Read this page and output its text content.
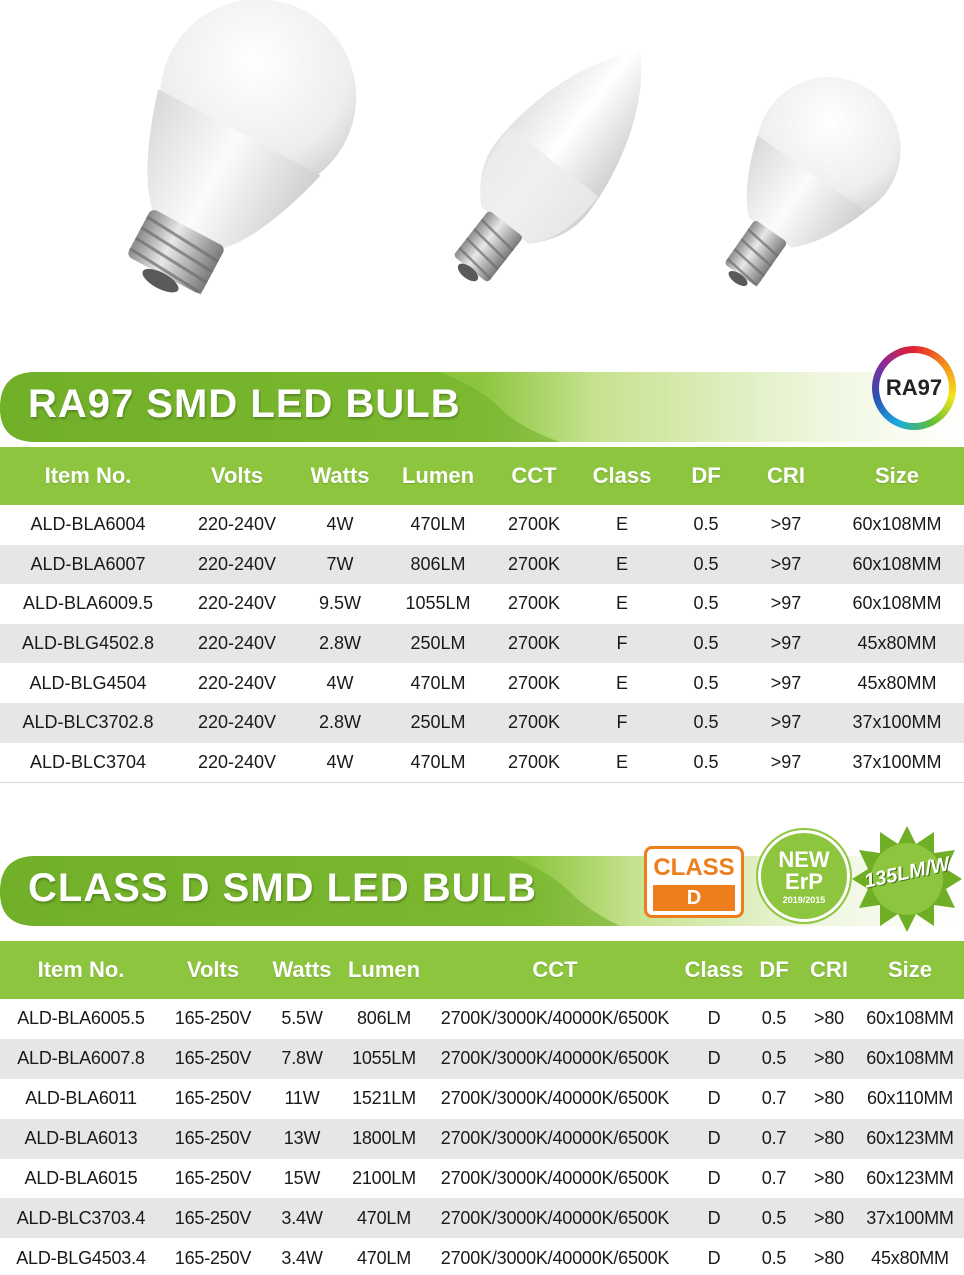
RA97 SMD LED BULB	RA97
Item No.	Volts	Watts	Lumen	CCT	Class	DF	CRI	Size
ALD-BLA6004	220-240V	4W	470LM	2700K	E	0.5	>97	60x108MM
ALD-BLA6007	220-240V	7W	806LM	2700K	E	0.5	>97	60x108MM
ALD-BLA6009.5	220-240V	9.5W	1055LM	2700K	E	0.5	>97	60x108MM
ALD-BLG4502.8	220-240V	2.8W	250LM	2700K	F	0.5	>97	45x80MM
ALD-BLG4504	220-240V	4W	470LM	2700K	E	0.5	>97	45x80MM
ALD-BLC3702.8	220-240V	2.8W	250LM	2700K	F	0.5	>97	37x100MM
ALD-BLC3704	220-240V	4W	470LM	2700K	E	0.5	>97	37x100MM
CLASS D SMD LED BULB	CLASS
D
NEW
ErP
2019/2015
135LM/W
Item No.	Volts	Watts	Lumen	CCT	Class	DF	CRI	Size
ALD-BLA6005.5	165-250V	5.5W	806LM	2700K/3000K/40000K/6500K	D	0.5	>80	60x108MM
ALD-BLA6007.8	165-250V	7.8W	1055LM	2700K/3000K/40000K/6500K	D	0.5	>80	60x108MM
ALD-BLA6011	165-250V	11W	1521LM	2700K/3000K/40000K/6500K	D	0.7	>80	60x110MM
ALD-BLA6013	165-250V	13W	1800LM	2700K/3000K/40000K/6500K	D	0.7	>80	60x123MM
ALD-BLA6015	165-250V	15W	2100LM	2700K/3000K/40000K/6500K	D	0.7	>80	60x123MM
ALD-BLC3703.4	165-250V	3.4W	470LM	2700K/3000K/40000K/6500K	D	0.5	>80	37x100MM
ALD-BLG4503.4	165-250V	3.4W	470LM	2700K/3000K/40000K/6500K	D	0.5	>80	45x80MM
